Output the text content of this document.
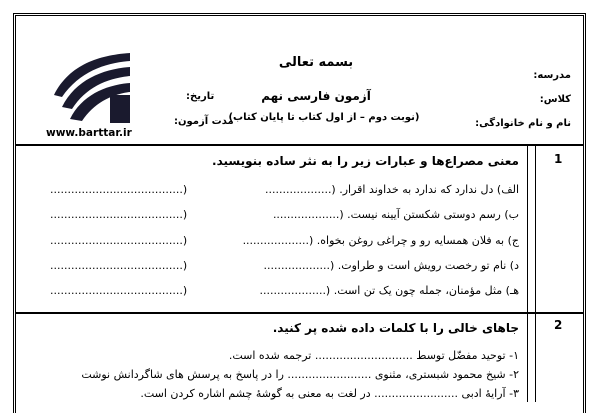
www.barttar.ir
بسمه تعالی
آزمون فارسی نهم
(نوبت دوم – از اول کتاب تا پایان کتاب)
مدرسه:
کلاس:
نام و نام خانوادگی:
تاریخ:
مدت آزمون:
1
معنی مصراع‌ها و عبارات زیر را به نثر ساده بنویسید.
الف) دل ندارد که ندارد به خداوند اقرار. (...................
......................................)
ب) رسم دوستی شکستن آیینه نیست. (...................
......................................)
ج) به فلان همسایه رو و چراغی روغن بخواه. (...................
......................................)
د) نام تو رخصت رویش است و طراوت. (...................
......................................)
هـ) مثل مؤمنان، جمله چون یک تن است. (...................
......................................)
2
جاهای خالی را با کلمات داده شده پر کنید.
۱- توحید مفضّل توسط ............................ ترجمه شده است.
۲- شیخ محمود شبستری، مثنوی ........................ را در پاسخ به پرسش های شاگردانش نوشت
۳- آرایۀ ادبی ........................ در لغت به معنی به گوشۀ چشم اشاره کردن است.
